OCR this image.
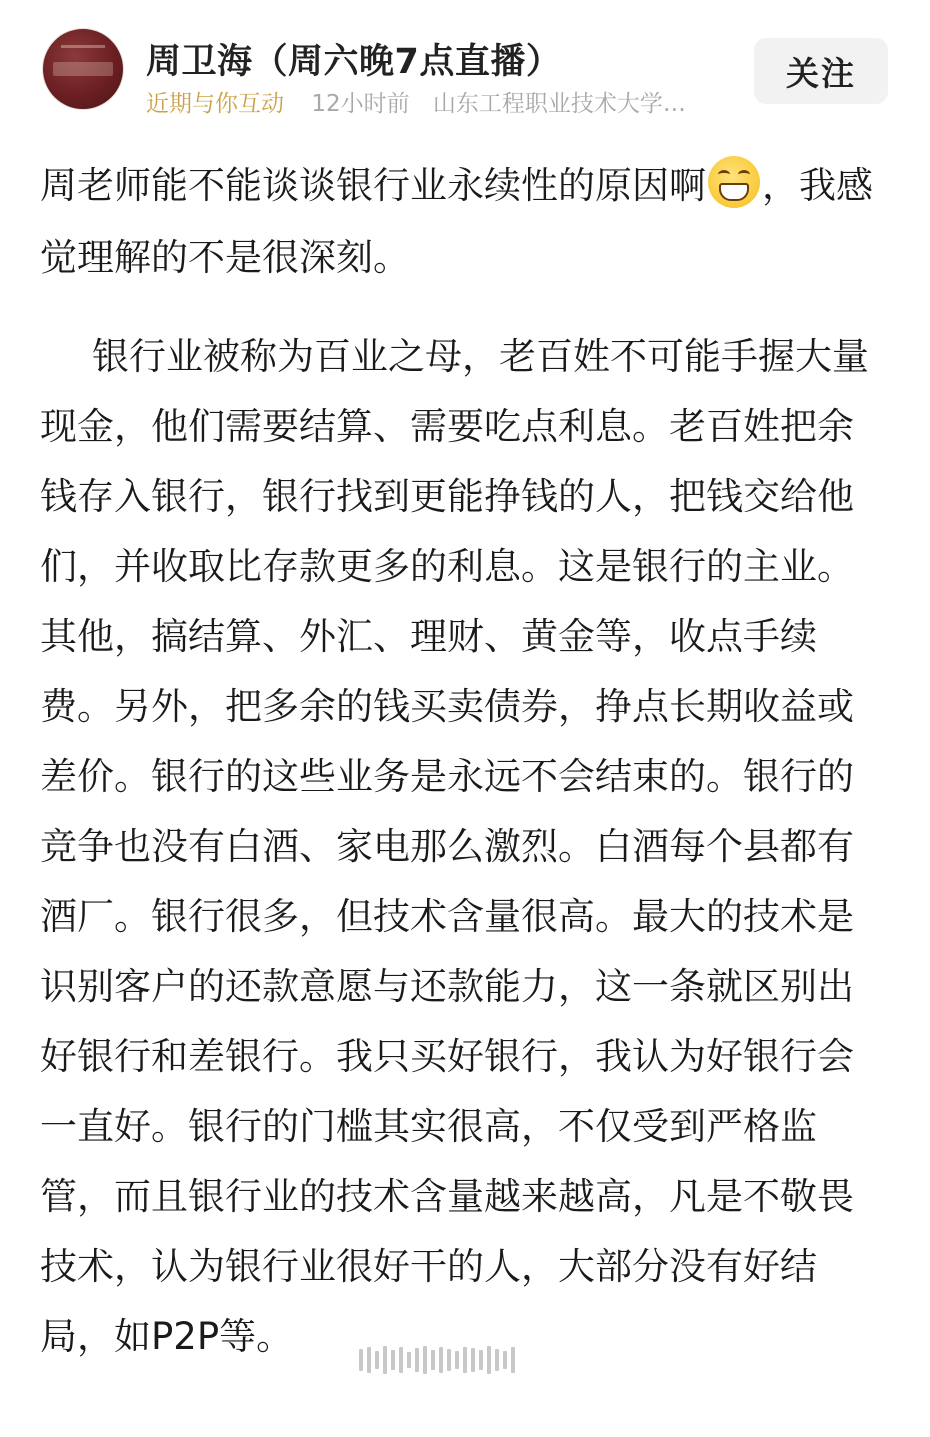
周卫海（周六晚7点直播）
近期与你互动 12小时前 山东工程职业技术大学…
关注
周老师能不能谈谈银行业永续性的原因啊 ，我感觉理解的不是很深刻。
银行业被称为百业之母，老百姓不可能手握大量现金，他们需要结算、需要吃点利息。老百姓把余钱存入银行，银行找到更能挣钱的人，把钱交给他们，并收取比存款更多的利息。这是银行的主业。其他，搞结算、外汇、理财、黄金等，收点手续费。另外，把多余的钱买卖债券，挣点长期收益或差价。银行的这些业务是永远不会结束的。银行的竞争也没有白酒、家电那么激烈。白酒每个县都有酒厂。银行很多，但技术含量很高。最大的技术是识别客户的还款意愿与还款能力，这一条就区别出好银行和差银行。我只买好银行，我认为好银行会一直好。银行的门槛其实很高，不仅受到严格监管，而且银行业的技术含量越来越高，凡是不敬畏技术，认为银行业很好干的人，大部分没有好结局，如P2P等。
